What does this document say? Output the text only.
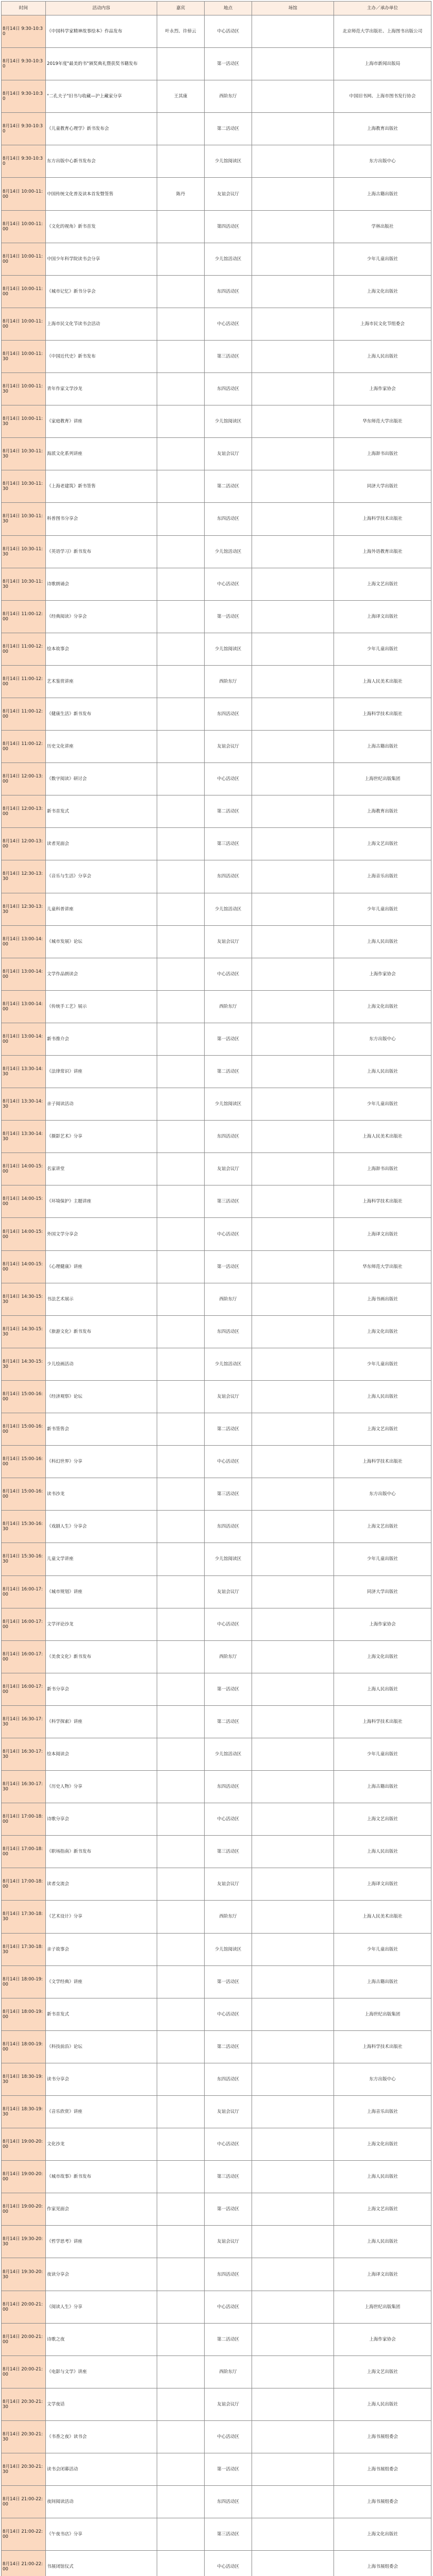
时间	活动内容	嘉宾	地点	场馆	主办／承办单位
8月14日 9:30-10:30	《中国科学家精神故事绘本》作品发布	叶永烈、许倬云	中心活动区		北京师范大学出版社、上海图书出版公司
8月14日 9:30-10:30	2019年度"最美的书"颁奖典礼暨获奖书籍发布		第一活动区		上海市新闻出版局
8月14日 9:30-10:30	"二孔夫子"旧书与收藏—沪上藏家分享	王其康	西阶东厅		中国旧书网、上海市图书发行协会
8月14日 9:30-10:30	《儿童教育心理学》新书发布会		第二活动区		上海教育出版社
8月14日 9:30-10:30	东方出版中心新书发布会		少儿馆阅读区		东方出版中心
8月14日 10:00-11:00	中国传统文化普及读本首发暨签售	陈丹	友谊会议厅		上海古籍出版社
8月14日 10:00-11:00	《文化的视角》新书首发		第四活动区		学林出版社
8月14日 10:00-11:00	中国少年科学院读书会分享		少儿馆活动区		少年儿童出版社
8月14日 10:00-11:00	《城市记忆》新书分享会		东四活动区		上海文化出版社
8月14日 10:00-11:00	上海市民文化节读书会活动		中心活动区		上海市民文化节组委会
8月14日 10:00-11:30	《中国近代史》新书发布		第三活动区		上海人民出版社
8月14日 10:00-11:30	青年作家文学沙龙		东四活动区		上海作家协会
8月14日 10:00-11:30	《家庭教育》讲座		少儿馆阅读区		华东师范大学出版社
8月14日 10:30-11:30	海派文化系列讲座		友谊会议厅		上海辞书出版社
8月14日 10:30-11:30	《上海老建筑》新书签售		第二活动区		同济大学出版社
8月14日 10:30-11:30	科普图书分享会		东四活动区		上海科学技术出版社
8月14日 10:30-11:30	《英语学习》新书发布		少儿馆活动区		上海外语教育出版社
8月14日 10:30-11:30	诗歌朗诵会		中心活动区		上海文艺出版社
8月14日 11:00-12:00	《经典阅读》分享会		第一活动区		上海译文出版社
8月14日 11:00-12:00	绘本故事会		少儿馆阅读区		少年儿童出版社
8月14日 11:00-12:00	艺术鉴赏讲座		西阶东厅		上海人民美术出版社
8月14日 11:00-12:00	《健康生活》新书发布		东四活动区		上海科学技术出版社
8月14日 11:00-12:00	历史文化讲座		友谊会议厅		上海古籍出版社
8月14日 12:00-13:00	《数字阅读》研讨会		中心活动区		上海世纪出版集团
8月14日 12:00-13:00	新书首发式		第二活动区		上海教育出版社
8月14日 12:00-13:00	读者见面会		第三活动区		上海文艺出版社
8月14日 12:30-13:30	《音乐与生活》分享会		东四活动区		上海音乐出版社
8月14日 12:30-13:30	儿童科普讲座		少儿馆活动区		少年儿童出版社
8月14日 13:00-14:00	《城市发展》论坛		友谊会议厅		上海人民出版社
8月14日 13:00-14:00	文学作品朗读会		中心活动区		上海作家协会
8月14日 13:00-14:00	《传统手工艺》展示		西阶东厅		上海文化出版社
8月14日 13:00-14:00	新书推介会		第一活动区		东方出版中心
8月14日 13:30-14:30	《法律常识》讲座		第二活动区		上海人民出版社
8月14日 13:30-14:30	亲子阅读活动		少儿馆阅读区		少年儿童出版社
8月14日 13:30-14:30	《摄影艺术》分享		东四活动区		上海人民美术出版社
8月14日 14:00-15:00	名家讲堂		友谊会议厅		上海辞书出版社
8月14日 14:00-15:00	《环境保护》主题讲座		第三活动区		上海科学技术出版社
8月14日 14:00-15:00	外国文学分享会		中心活动区		上海译文出版社
8月14日 14:00-15:00	《心理健康》讲座		第一活动区		华东师范大学出版社
8月14日 14:30-15:30	书法艺术展示		西阶东厅		上海书画出版社
8月14日 14:30-15:30	《旅游文化》新书发布		东四活动区		上海文化出版社
8月14日 14:30-15:30	少儿绘画活动		少儿馆活动区		少年儿童出版社
8月14日 15:00-16:00	《经济观察》论坛		友谊会议厅		上海人民出版社
8月14日 15:00-16:00	新书签售会		第二活动区		上海文艺出版社
8月14日 15:00-16:00	《科幻世界》分享		中心活动区		上海科学技术出版社
8月14日 15:00-16:00	读书沙龙		第三活动区		东方出版中心
8月14日 15:30-16:30	《戏剧人生》分享会		东四活动区		上海文艺出版社
8月14日 15:30-16:30	儿童文学讲座		少儿馆阅读区		少年儿童出版社
8月14日 16:00-17:00	《城市规划》讲座		友谊会议厅		同济大学出版社
8月14日 16:00-17:00	文学评论沙龙		中心活动区		上海作家协会
8月14日 16:00-17:00	《美食文化》新书发布		西阶东厅		上海文化出版社
8月14日 16:00-17:00	新书分享会		第一活动区		上海人民出版社
8月14日 16:30-17:30	《科学探索》讲座		第二活动区		上海科学技术出版社
8月14日 16:30-17:30	绘本阅读会		少儿馆活动区		少年儿童出版社
8月14日 16:30-17:30	《历史人物》分享		东四活动区		上海古籍出版社
8月14日 17:00-18:00	诗歌分享会		中心活动区		上海文艺出版社
8月14日 17:00-18:00	《职场指南》新书发布		第三活动区		上海人民出版社
8月14日 17:00-18:00	读者交流会		友谊会议厅		上海译文出版社
8月14日 17:30-18:30	《艺术设计》分享		西阶东厅		上海人民美术出版社
8月14日 17:30-18:30	亲子故事会		少儿馆阅读区		少年儿童出版社
8月14日 18:00-19:00	《文学经典》讲座		第一活动区		上海古籍出版社
8月14日 18:00-19:00	新书首发式		中心活动区		上海世纪出版集团
8月14日 18:00-19:00	《科技前沿》论坛		第二活动区		上海科学技术出版社
8月14日 18:30-19:30	读书分享会		东四活动区		东方出版中心
8月14日 18:30-19:30	《音乐欣赏》讲座		友谊会议厅		上海音乐出版社
8月14日 19:00-20:00	文化沙龙		中心活动区		上海文化出版社
8月14日 19:00-20:00	《城市故事》新书发布		第三活动区		上海人民出版社
8月14日 19:00-20:00	作家见面会		第一活动区		上海文艺出版社
8月14日 19:30-20:30	《哲学思考》讲座		友谊会议厅		上海人民出版社
8月14日 19:30-20:30	夜读分享会		东四活动区		上海译文出版社
8月14日 20:00-21:00	《阅读人生》分享		中心活动区		上海世纪出版集团
8月14日 20:00-21:00	诗歌之夜		第二活动区		上海作家协会
8月14日 20:00-21:00	《电影与文学》讲座		西阶东厅		上海文艺出版社
8月14日 20:30-21:30	文学夜话		友谊会议厅		上海人民出版社
8月14日 20:30-21:30	《书香之夜》读书会		中心活动区		上海书展组委会
8月14日 20:30-21:30	读书会闭幕活动		第一活动区		上海书展组委会
8月14日 21:00-22:00	夜间阅读活动		东四活动区		上海书展组委会
8月14日 21:00-22:00	《午夜书店》分享		第三活动区		上海文化出版社
8月14日 21:00-22:00	书展闭馆仪式		中心活动区		上海书展组委会
